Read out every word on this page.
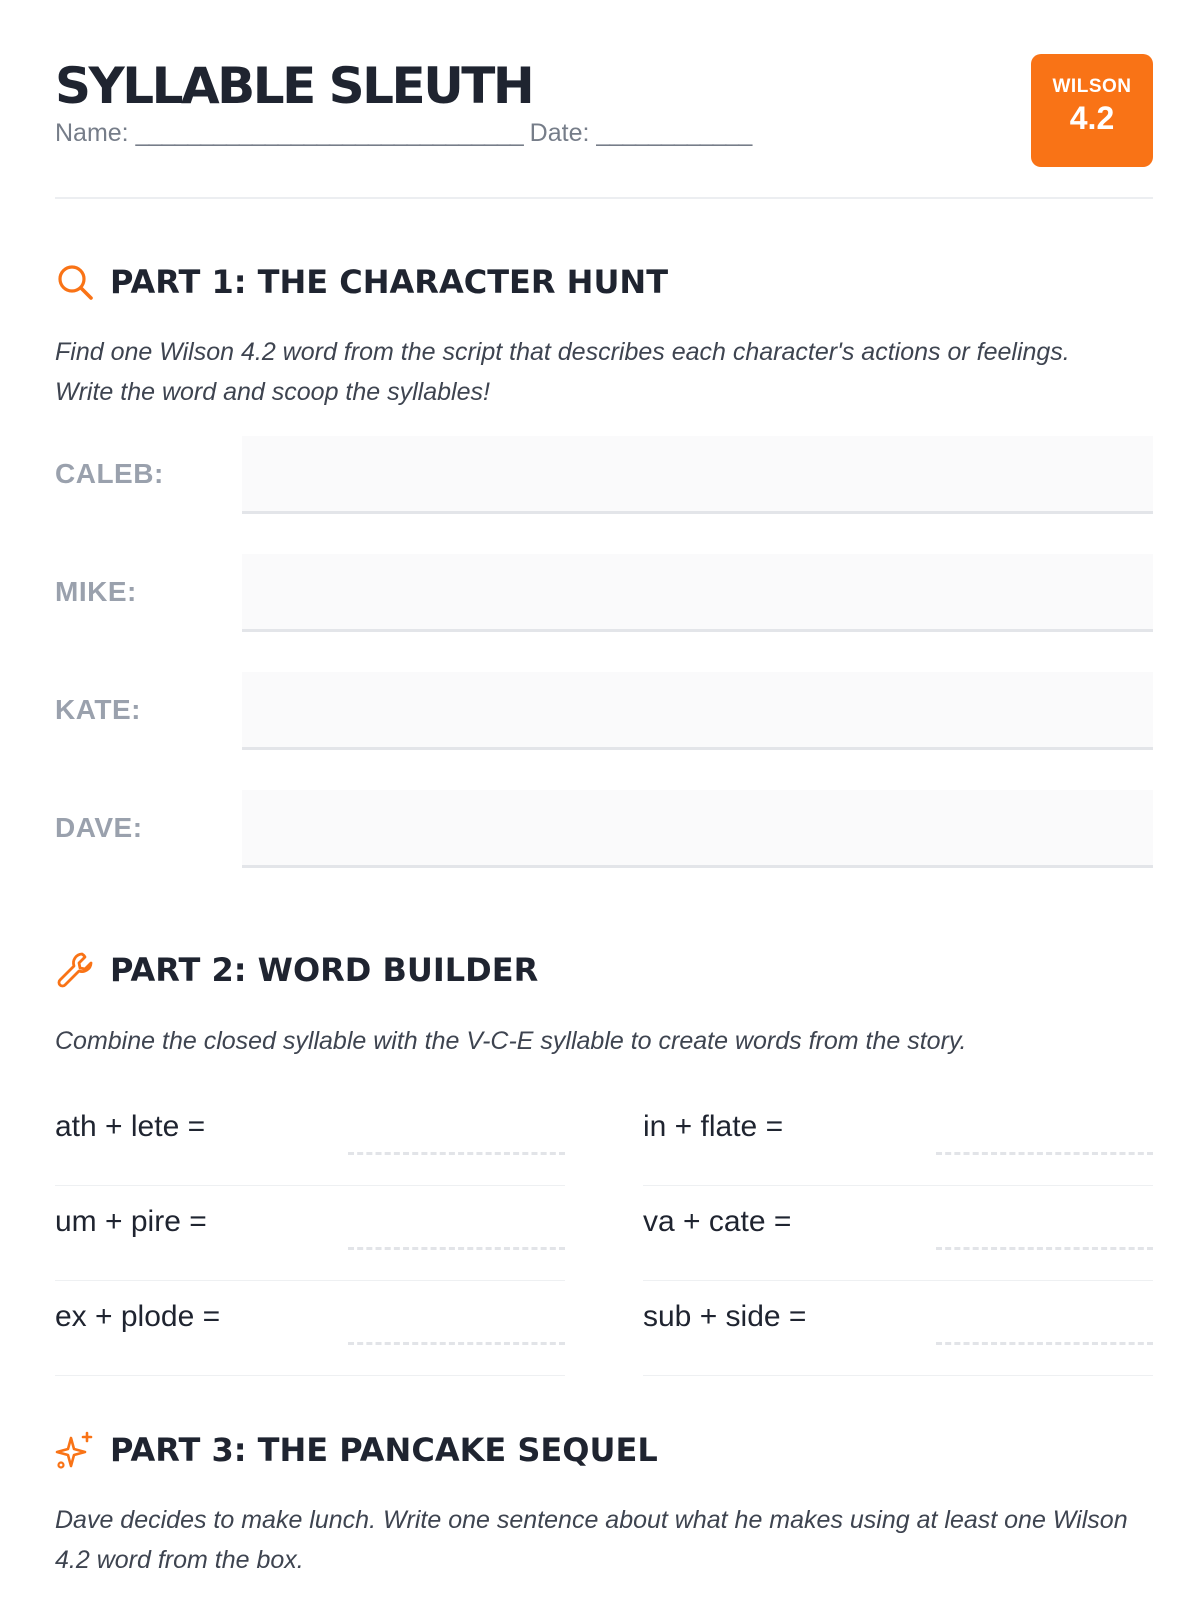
SYLLABLE SLEUTH
Name: ______________________________ Date: ____________
WILSON
4.2
PART 1: THE CHARACTER HUNT

Find one Wilson 4.2 word from the script that describes each character's actions or feelings. Write the word and scoop the syllables!

CALEB:
MIKE:
KATE:
DAVE:
PART 2: WORD BUILDER

Combine the closed syllable with the V-C-E syllable to create words from the story.

ath + lete =	in + flate =
um + pire =	va + cate =
ex + plode =	sub + side =
PART 3: THE PANCAKE SEQUEL

Dave decides to make lunch. Write one sentence about what he makes using at least one Wilson 4.2 word from the box.
